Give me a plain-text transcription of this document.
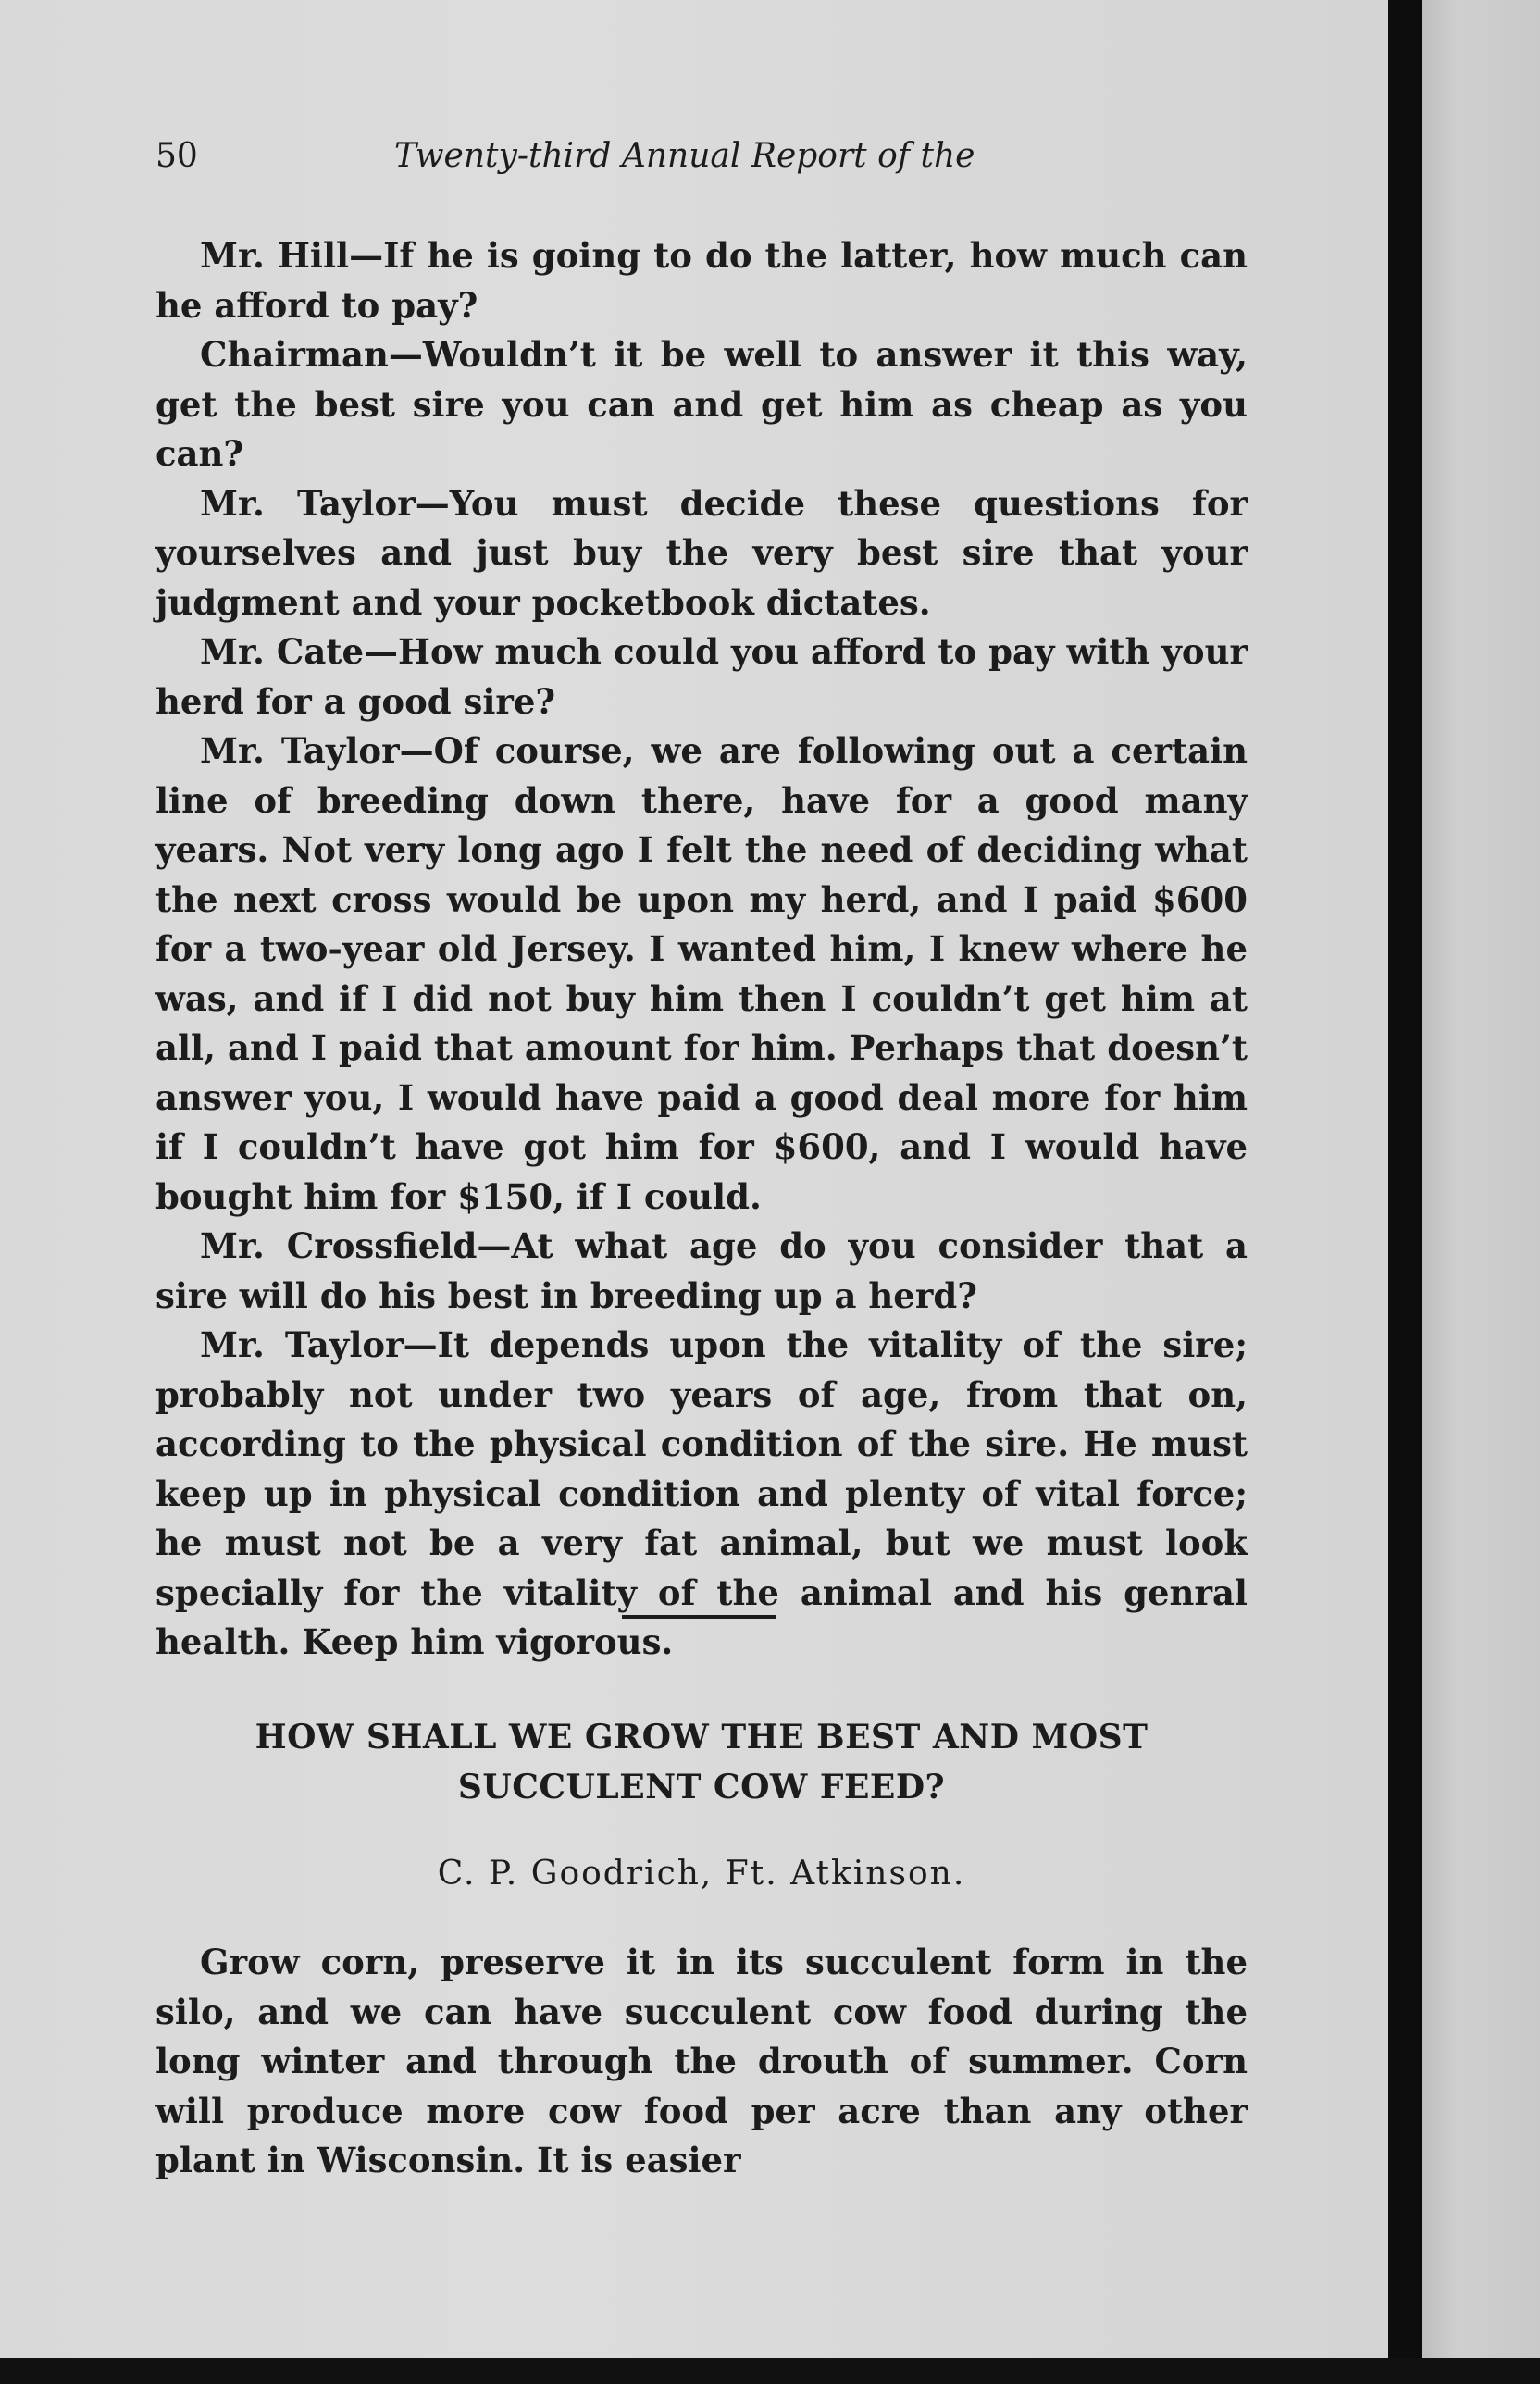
50	Twenty-third Annual Report of the

Mr. Hill—If he is going to do the latter, how much can he afford to pay?

Chairman—Wouldn’t it be well to answer it this way, get the best sire you can and get him as cheap as you can?

Mr. Taylor—You must decide these questions for yourselves and just buy the very best sire that your judgment and your pocketbook dictates.

Mr. Cate—How much could you afford to pay with your herd for a good sire?

Mr. Taylor—Of course, we are following out a certain line of breeding down there, have for a good many years. Not very long ago I felt the need of deciding what the next cross would be upon my herd, and I paid $600 for a two-year old Jersey. I wanted him, I knew where he was, and if I did not buy him then I couldn’t get him at all, and I paid that amount for him. Perhaps that doesn’t answer you, I would have paid a good deal more for him if I couldn’t have got him for $600, and I would have bought him for $150, if I could.

Mr. Crossfield—At what age do you consider that a sire will do his best in breeding up a herd?

Mr. Taylor—It depends upon the vitality of the sire; probably not under two years of age, from that on, according to the physical condition of the sire. He must keep up in physical condition and plenty of vital force; he must not be a very fat animal, but we must look specially for the vitality of the animal and his genral health. Keep him vigorous.

HOW SHALL WE GROW THE BEST AND MOST SUCCULENT COW FEED?
C. P. Goodrich, Ft. Atkinson.

Grow corn, preserve it in its succulent form in the silo, and we can have succulent cow food during the long winter and through the drouth of summer. Corn will produce more cow food per acre than any other plant in Wisconsin. It is easier
